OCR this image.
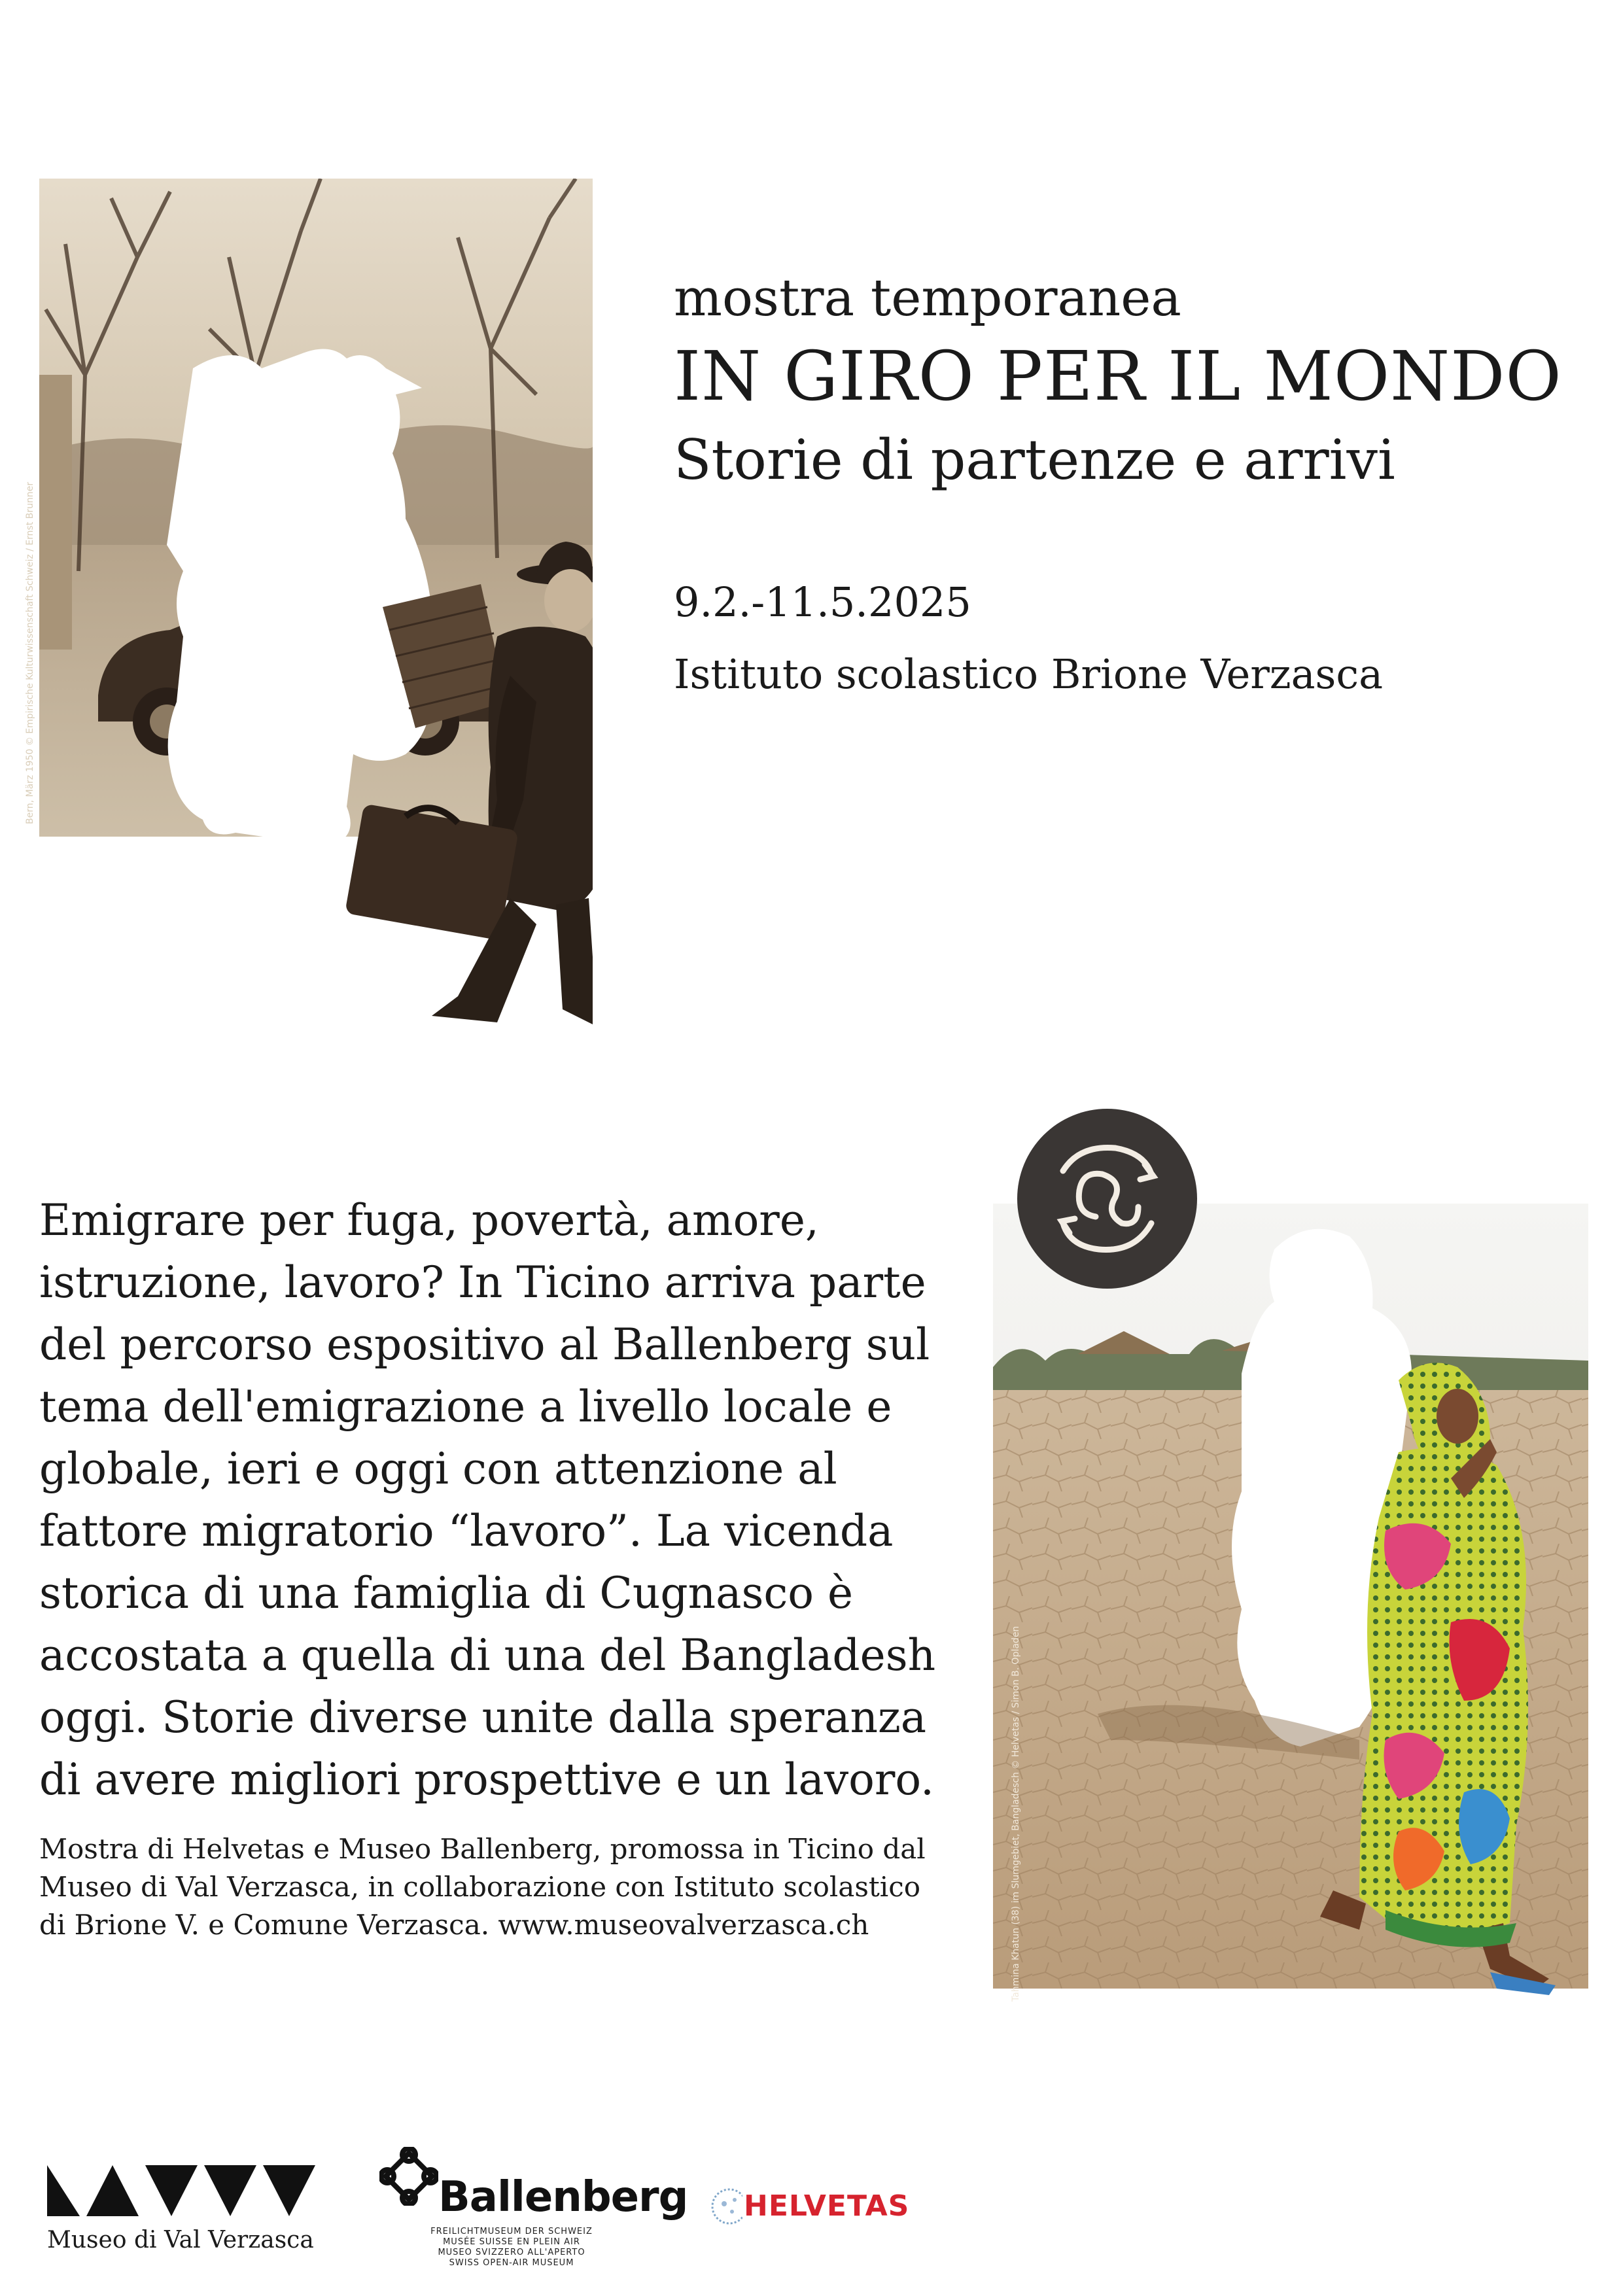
mostra temporanea
IN GIRO PER IL MONDO
Storie di partenze e arrivi
9.2.-11.5.2025
Istituto scolastico Brione Verzasca
Bern, März 1950 © Empirische Kulturwissenschaft Schweiz / Ernst Brunner

Emigrare per fuga, povertà, amore, istruzione, lavoro? In Ticino arriva parte del percorso espositivo al Ballenberg sul tema dell'emigrazione a livello locale e globale, ieri e oggi con attenzione al fattore migratorio “lavoro”. La vicenda storica di una famiglia di Cugnasco è accostata a quella di una del Bangladesh oggi. Storie diverse unite dalla speranza di avere migliori prospettive e un lavoro.

Mostra di Helvetas e Museo Ballenberg, promossa in Ticino dal Museo di Val Verzasca, in collaborazione con Istituto scolastico di Brione V. e Comune Verzasca. www.museovalverzasca.ch	Tahmina Khatun (38) im Slumgebiet, Bangladesch © Helvetas / Simon B. Opladen
Museo di Val Verzasca
Ballenberg
FREILICHTMUSEUM DER SCHWEIZ
MUSÉE SUISSE EN PLEIN AIR
MUSEO SVIZZERO ALL'APERTO
SWISS OPEN-AIR MUSEUM
HELVETAS
